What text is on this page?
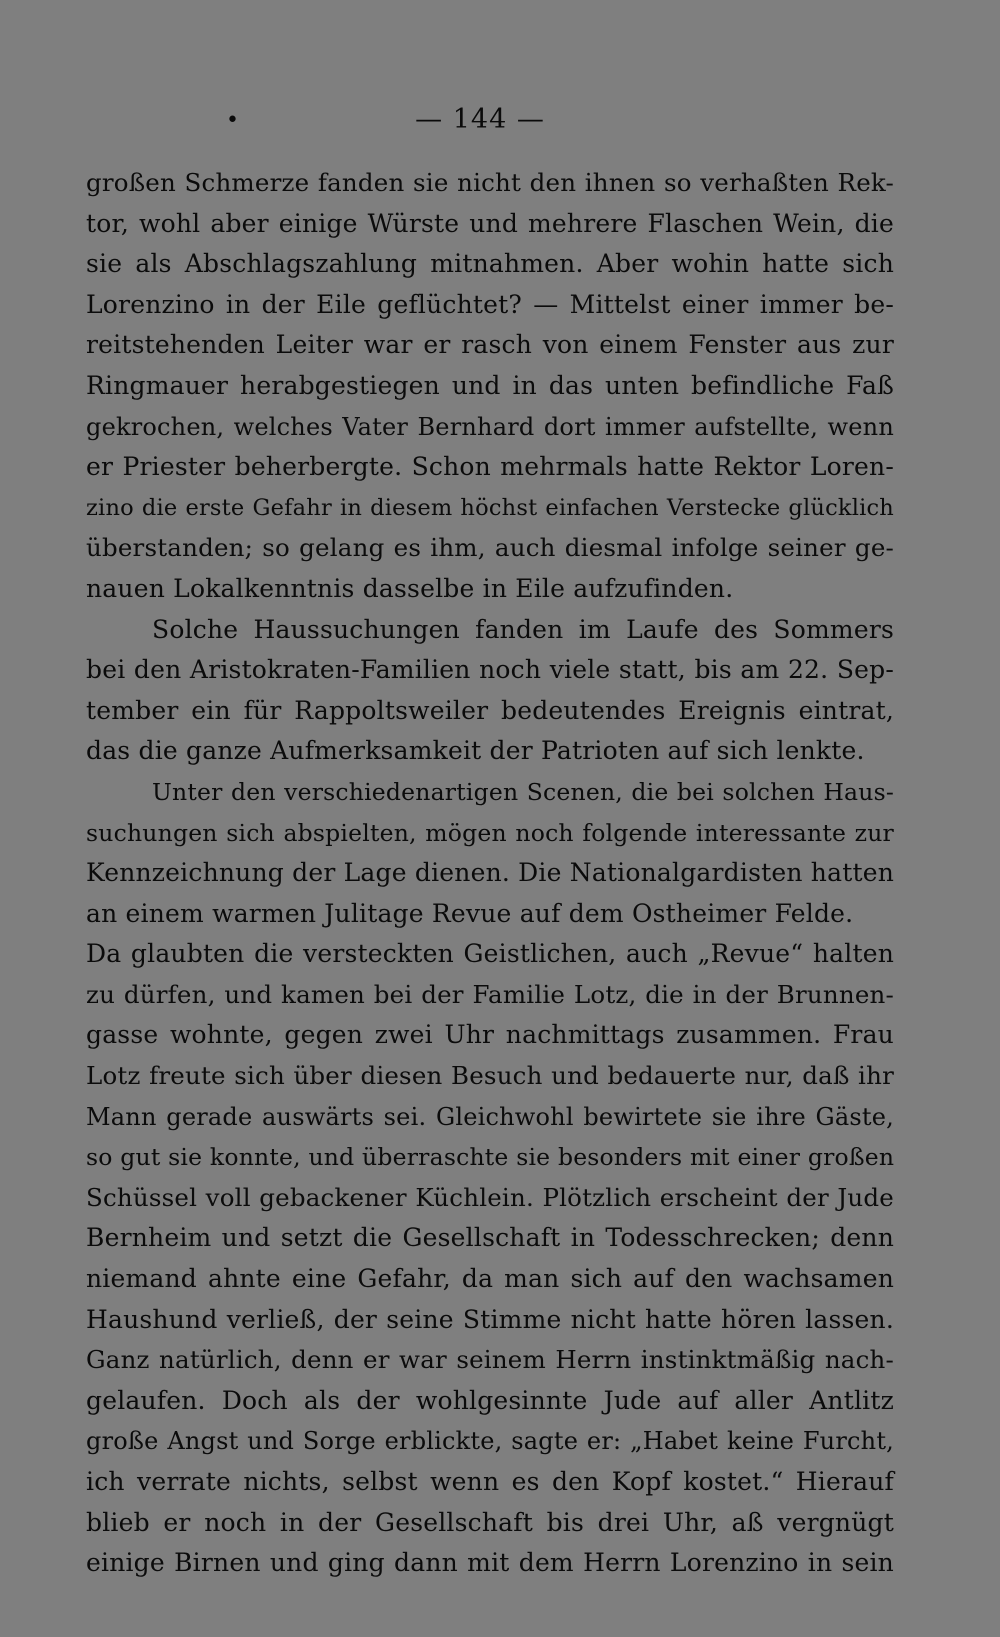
•	— 144 —
großen Schmerze fanden sie nicht den ihnen so verhaßten Rek-
tor, wohl aber einige Würste und mehrere Flaschen Wein, die
sie als Abschlagszahlung mitnahmen. Aber wohin hatte sich
Lorenzino in der Eile geflüchtet? — Mittelst einer immer be-
reitstehenden Leiter war er rasch von einem Fenster aus zur
Ringmauer herabgestiegen und in das unten befindliche Faß
gekrochen, welches Vater Bernhard dort immer aufstellte, wenn
er Priester beherbergte. Schon mehrmals hatte Rektor Loren-
zino die erste Gefahr in diesem höchst einfachen Verstecke glücklich
überstanden; so gelang es ihm, auch diesmal infolge seiner ge-
nauen Lokalkenntnis dasselbe in Eile aufzufinden.
Solche Haussuchungen fanden im Laufe des Sommers
bei den Aristokraten-Familien noch viele statt, bis am 22. Sep-
tember ein für Rappoltsweiler bedeutendes Ereignis eintrat,
das die ganze Aufmerksamkeit der Patrioten auf sich lenkte.
Unter den verschiedenartigen Scenen, die bei solchen Haus-
suchungen sich abspielten, mögen noch folgende interessante zur
Kennzeichnung der Lage dienen. Die Nationalgardisten hatten
an einem warmen Julitage Revue auf dem Ostheimer Felde.
Da glaubten die versteckten Geistlichen, auch „Revue“ halten
zu dürfen, und kamen bei der Familie Lotz, die in der Brunnen-
gasse wohnte, gegen zwei Uhr nachmittags zusammen. Frau
Lotz freute sich über diesen Besuch und bedauerte nur, daß ihr
Mann gerade auswärts sei. Gleichwohl bewirtete sie ihre Gäste,
so gut sie konnte, und überraschte sie besonders mit einer großen
Schüssel voll gebackener Küchlein. Plötzlich erscheint der Jude
Bernheim und setzt die Gesellschaft in Todesschrecken; denn
niemand ahnte eine Gefahr, da man sich auf den wachsamen
Haushund verließ, der seine Stimme nicht hatte hören lassen.
Ganz natürlich, denn er war seinem Herrn instinktmäßig nach-
gelaufen. Doch als der wohlgesinnte Jude auf aller Antlitz
große Angst und Sorge erblickte, sagte er: „Habet keine Furcht,
ich verrate nichts, selbst wenn es den Kopf kostet.“ Hierauf
blieb er noch in der Gesellschaft bis drei Uhr, aß vergnügt
einige Birnen und ging dann mit dem Herrn Lorenzino in sein
